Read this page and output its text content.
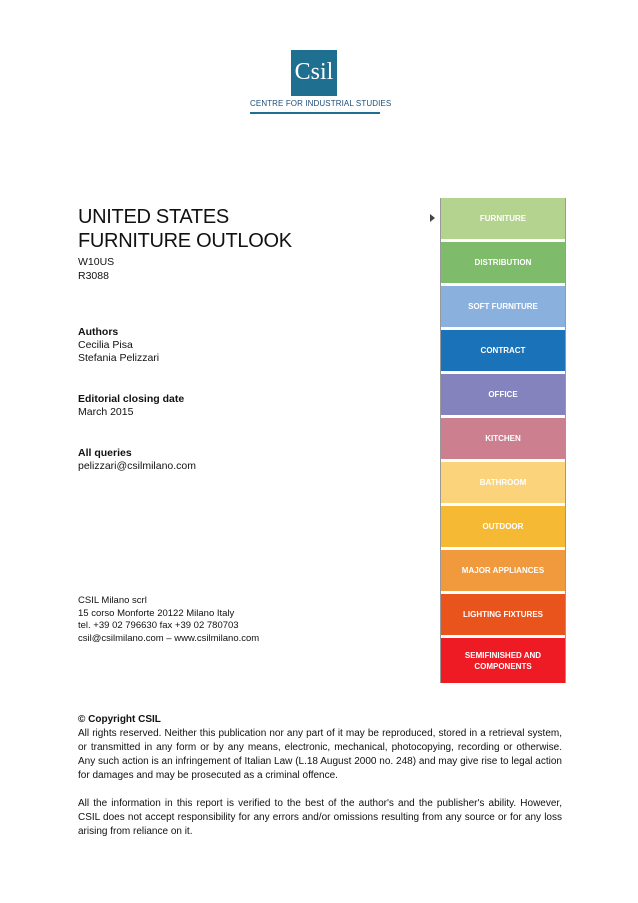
Csil
CENTRE FOR INDUSTRIAL STUDIES
UNITED STATES
FURNITURE OUTLOOK
W10US
R3088
Authors
Cecilia Pisa
Stefania Pelizzari
Editorial closing date
March 2015
All queries
pelizzari@csilmilano.com
CSIL Milano scrl
15 corso Monforte 20122 Milano Italy
tel. +39 02 796630 fax +39 02 780703
csil@csilmilano.com – www.csilmilano.com
FURNITURE
DISTRIBUTION
SOFT FURNITURE
CONTRACT
OFFICE
KITCHEN
BATHROOM
OUTDOOR
MAJOR APPLIANCES
LIGHTING FIXTURES
SEMIFINISHED AND COMPONENTS
© Copyright CSIL

All rights reserved. Neither this publication nor any part of it may be reproduced, stored in a retrieval system, or transmitted in any form or by any means, electronic, mechanical, photocopying, recording or otherwise. Any such action is an infringement of Italian Law (L.18 August 2000 no. 248) and may give rise to legal action for damages and may be prosecuted as a criminal offence.

All the information in this report is verified to the best of the author's and the publisher's ability. However, CSIL does not accept responsibility for any errors and/or omissions resulting from any source or for any loss arising from reliance on it.
